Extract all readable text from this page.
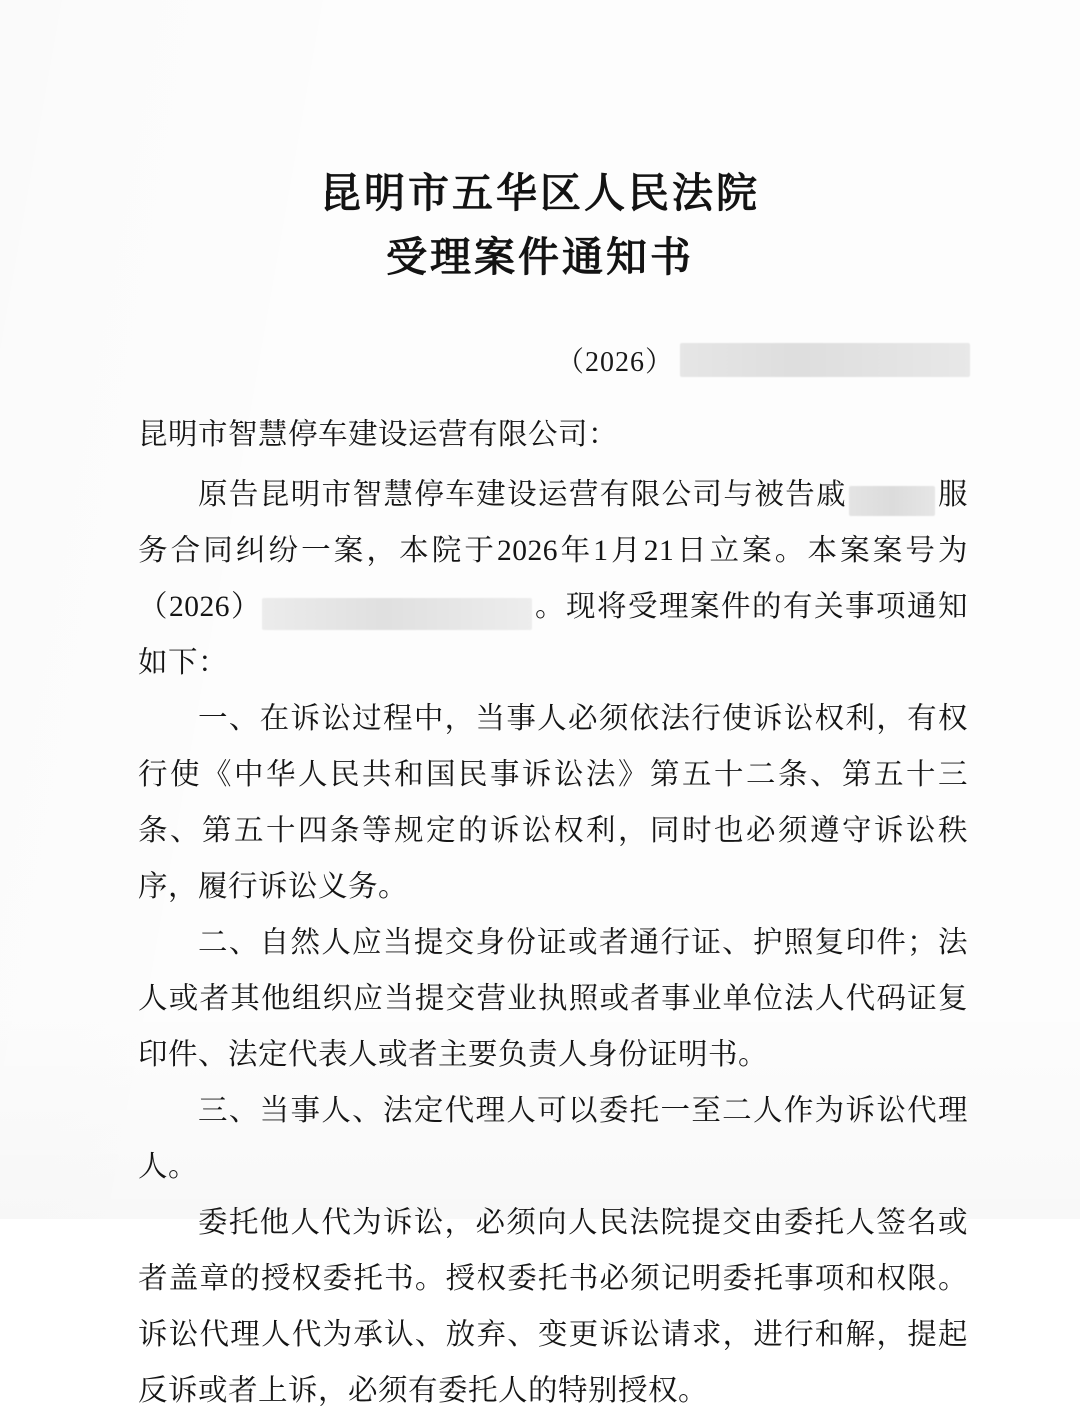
昆明市五华区人民法院
受理案件通知书
（2026）

昆明市智慧停车建设运营有限公司：

原告昆明市智慧停车建设运营有限公司与被告戚	服务合同纠纷一案，本院于2026年1月21日立案。本案案号为（2026）	。现将受理案件的有关事项通知如下：

一、在诉讼过程中，当事人必须依法行使诉讼权利，有权行使《中华人民共和国民事诉讼法》第五十二条、第五十三条、第五十四条等规定的诉讼权利，同时也必须遵守诉讼秩序，履行诉讼义务。

二、自然人应当提交身份证或者通行证、护照复印件；法人或者其他组织应当提交营业执照或者事业单位法人代码证复印件、法定代表人或者主要负责人身份证明书。

三、当事人、法定代理人可以委托一至二人作为诉讼代理人。

委托他人代为诉讼，必须向人民法院提交由委托人签名或者盖章的授权委托书。授权委托书必须记明委托事项和权限。诉讼代理人代为承认、放弃、变更诉讼请求，进行和解，提起反诉或者上诉，必须有委托人的特别授权。
